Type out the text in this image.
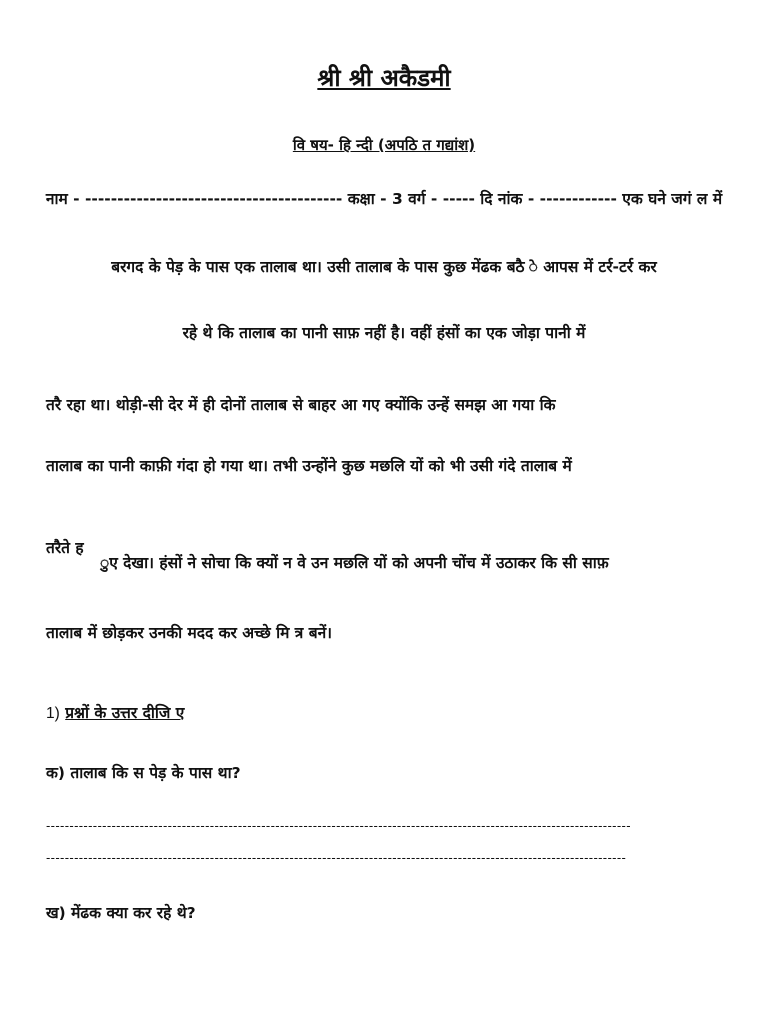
श्री श्री अकैडमी
वि षय- हि न्दी (अपठि त गद्यांश)
नाम - ---------------------------------------- कक्षा - 3 वर्ग - ----- दि नांक - ------------ एक घने जगं ल में
बरगद के पेड़ के पास एक तालाब था। उसी तालाब के पास कुछ मेंढक बठै े आपस में टर्र-टर्र कर
रहे थे कि तालाब का पानी साफ़ नहीं है। वहीं हंसों का एक जोड़ा पानी में
तरै रहा था। थोड़ी-सी देर में ही दोनों तालाब से बाहर आ गए क्योंकि उन्हें समझ आ गया कि
तालाब का पानी काफ़ी गंदा हो गया था। तभी उन्होंने कुछ मछलि यों को भी उसी गंदे तालाब में
तरैते ह
ुए देखा। हंसों ने सोचा कि क्यों न वे उन मछलि यों को अपनी चोंच में उठाकर कि सी साफ़
तालाब में छोड़कर उनकी मदद कर अच्छे मि त्र बनें।
1) प्रश्नों के उत्तर दीजि ए
क) तालाब कि स पेड़ के पास था?
-----------------------------------------------------------------------------------------------------------------------------
----------------------------------------------------------------------------------------------------------------------------
ख) मेंढक क्या कर रहे थे?
